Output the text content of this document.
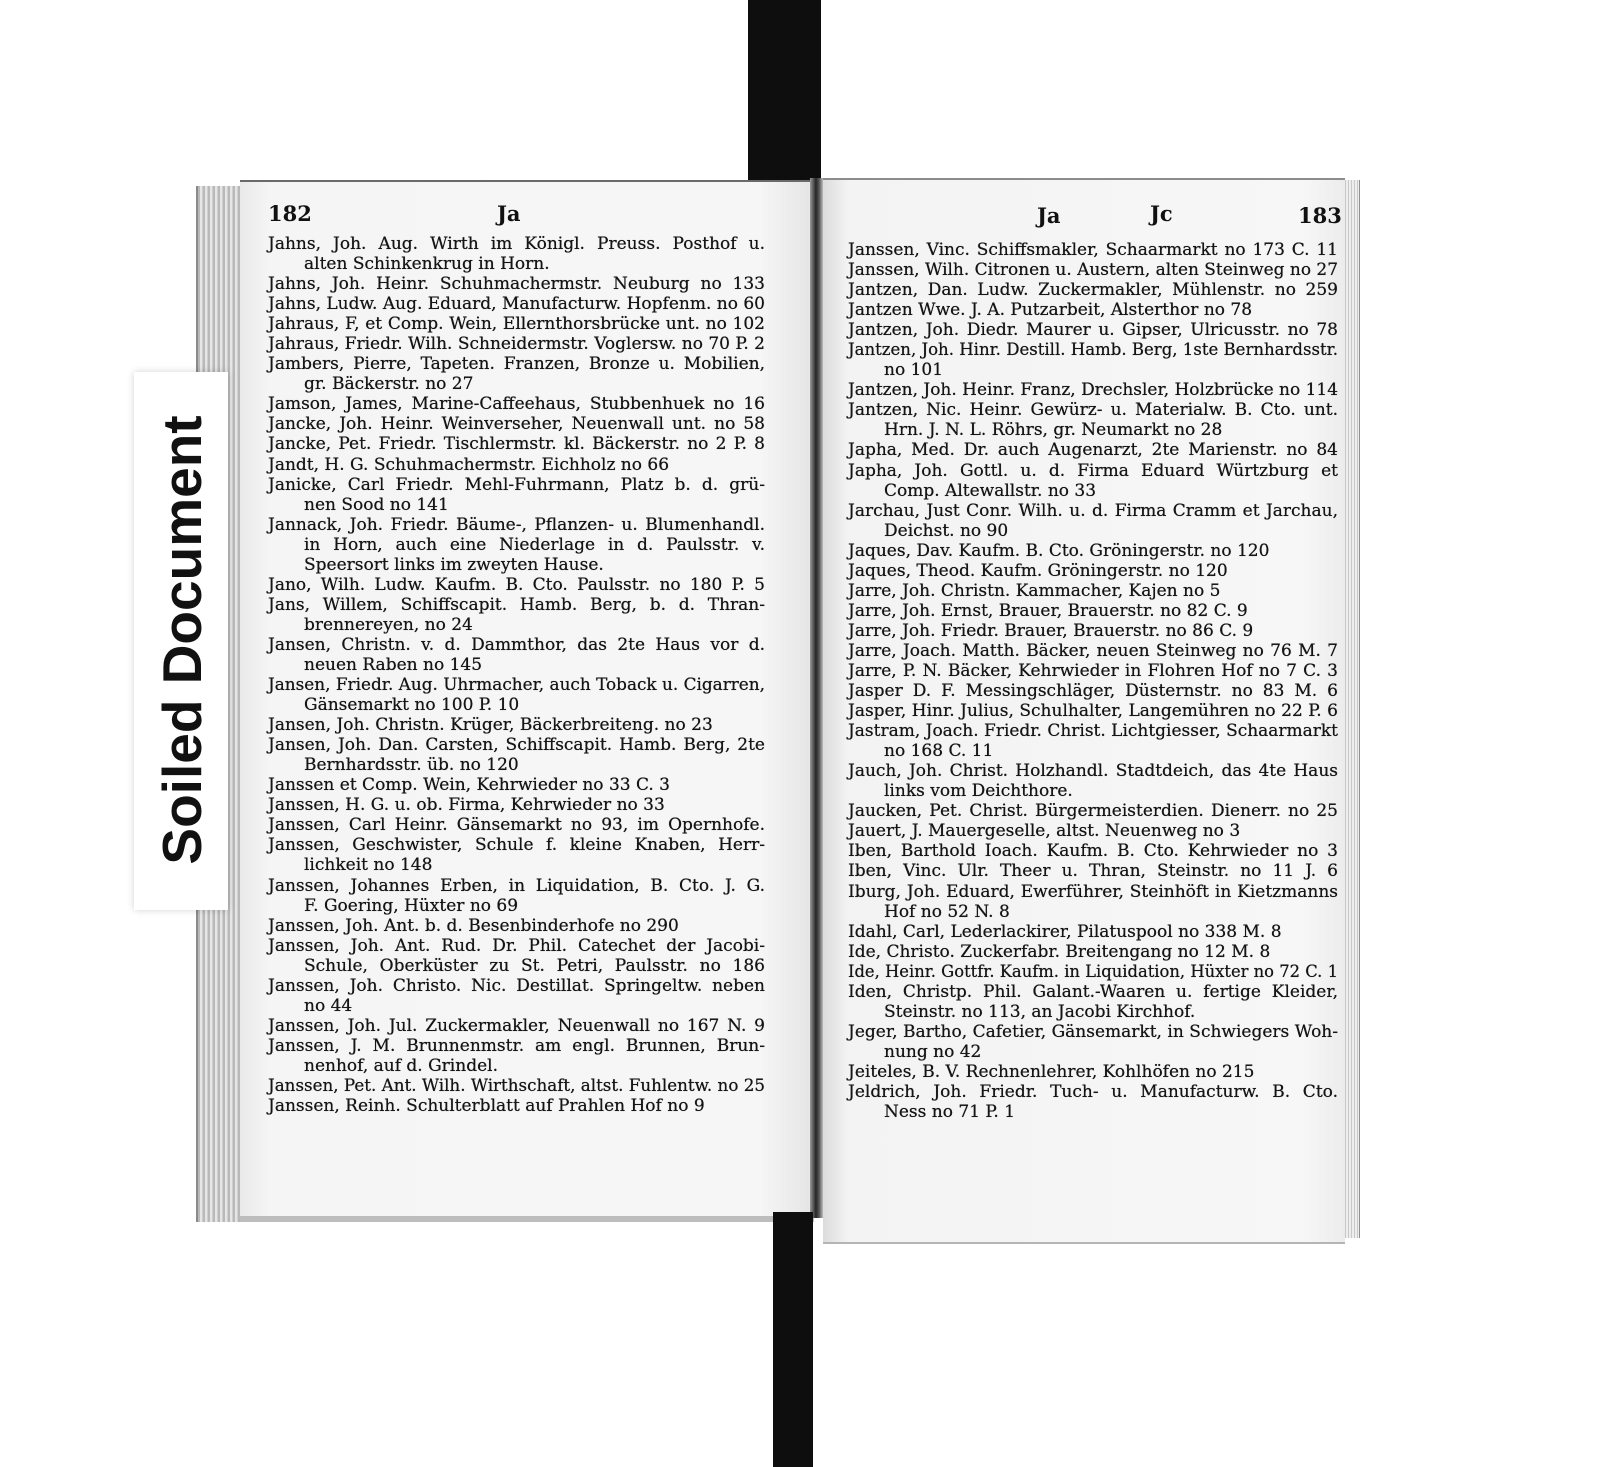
182	Ja	Ja	Jc	183
Jahns, Joh. Aug. Wirth im Königl. Preuss. Posthof u.
alten Schinkenkrug in Horn.
Jahns, Joh. Heinr. Schuhmachermstr. Neuburg no 133
Jahns, Ludw. Aug. Eduard, Manufacturw. Hopfenm. no 60
Jahraus, F, et Comp. Wein, Ellernthorsbrücke unt. no 102
Jahraus, Friedr. Wilh. Schneidermstr. Voglersw. no 70 P. 2
Jambers, Pierre, Tapeten. Franzen, Bronze u. Mobilien,
gr. Bäckerstr. no 27
Jamson, James, Marine-Caffeehaus, Stubbenhuek no 16
Jancke, Joh. Heinr. Weinverseher, Neuenwall unt. no 58
Jancke, Pet. Friedr. Tischlermstr. kl. Bäckerstr. no 2 P. 8
Jandt, H. G. Schuhmachermstr. Eichholz no 66
Janicke, Carl Friedr. Mehl-Fuhrmann, Platz b. d. grü-
nen Sood no 141
Jannack, Joh. Friedr. Bäume-, Pflanzen- u. Blumenhandl.
in Horn, auch eine Niederlage in d. Paulsstr. v.
Speersort links im zweyten Hause.
Jano, Wilh. Ludw. Kaufm. B. Cto. Paulsstr. no 180 P. 5
Jans, Willem, Schiffscapit. Hamb. Berg, b. d. Thran-
brennereyen, no 24
Jansen, Christn. v. d. Dammthor, das 2te Haus vor d.
neuen Raben no 145
Jansen, Friedr. Aug. Uhrmacher, auch Toback u. Cigarren,
Gänsemarkt no 100 P. 10
Jansen, Joh. Christn. Krüger, Bäckerbreiteng. no 23
Jansen, Joh. Dan. Carsten, Schiffscapit. Hamb. Berg, 2te
Bernhardsstr. üb. no 120
Janssen et Comp. Wein, Kehrwieder no 33 C. 3
Janssen, H. G. u. ob. Firma, Kehrwieder no 33
Janssen, Carl Heinr. Gänsemarkt no 93, im Opernhofe.
Janssen, Geschwister, Schule f. kleine Knaben, Herr-
lichkeit no 148
Janssen, Johannes Erben, in Liquidation, B. Cto. J. G.
F. Goering, Hüxter no 69
Janssen, Joh. Ant. b. d. Besenbinderhofe no 290
Janssen, Joh. Ant. Rud. Dr. Phil. Catechet der Jacobi-
Schule, Oberküster zu St. Petri, Paulsstr. no 186
Janssen, Joh. Christo. Nic. Destillat. Springeltw. neben
no 44
Janssen, Joh. Jul. Zuckermakler, Neuenwall no 167 N. 9
Janssen, J. M. Brunnenmstr. am engl. Brunnen, Brun-
nenhof, auf d. Grindel.
Janssen, Pet. Ant. Wilh. Wirthschaft, altst. Fuhlentw. no 25
Janssen, Reinh. Schulterblatt auf Prahlen Hof no 9
Janssen, Vinc. Schiffsmakler, Schaarmarkt no 173 C. 11
Janssen, Wilh. Citronen u. Austern, alten Steinweg no 27
Jantzen, Dan. Ludw. Zuckermakler, Mühlenstr. no 259
Jantzen Wwe. J. A. Putzarbeit, Alsterthor no 78
Jantzen, Joh. Diedr. Maurer u. Gipser, Ulricusstr. no 78
Jantzen, Joh. Hinr. Destill. Hamb. Berg, 1ste Bernhardsstr.
no 101
Jantzen, Joh. Heinr. Franz, Drechsler, Holzbrücke no 114
Jantzen, Nic. Heinr. Gewürz- u. Materialw. B. Cto. unt.
Hrn. J. N. L. Röhrs, gr. Neumarkt no 28
Japha, Med. Dr. auch Augenarzt, 2te Marienstr. no 84
Japha, Joh. Gottl. u. d. Firma Eduard Würtzburg et
Comp. Altewallstr. no 33
Jarchau, Just Conr. Wilh. u. d. Firma Cramm et Jarchau,
Deichst. no 90
Jaques, Dav. Kaufm. B. Cto. Gröningerstr. no 120
Jaques, Theod. Kaufm. Gröningerstr. no 120
Jarre, Joh. Christn. Kammacher, Kajen no 5
Jarre, Joh. Ernst, Brauer, Brauerstr. no 82 C. 9
Jarre, Joh. Friedr. Brauer, Brauerstr. no 86 C. 9
Jarre, Joach. Matth. Bäcker, neuen Steinweg no 76 M. 7
Jarre, P. N. Bäcker, Kehrwieder in Flohren Hof no 7 C. 3
Jasper D. F. Messingschläger, Düsternstr. no 83 M. 6
Jasper, Hinr. Julius, Schulhalter, Langemühren no 22 P. 6
Jastram, Joach. Friedr. Christ. Lichtgiesser, Schaarmarkt
no 168 C. 11
Jauch, Joh. Christ. Holzhandl. Stadtdeich, das 4te Haus
links vom Deichthore.
Jaucken, Pet. Christ. Bürgermeisterdien. Dienerr. no 25
Jauert, J. Mauergeselle, altst. Neuenweg no 3
Iben, Barthold Ioach. Kaufm. B. Cto. Kehrwieder no 3
Iben, Vinc. Ulr. Theer u. Thran, Steinstr. no 11 J. 6
Iburg, Joh. Eduard, Ewerführer, Steinhöft in Kietzmanns
Hof no 52 N. 8
Idahl, Carl, Lederlackirer, Pilatuspool no 338 M. 8
Ide, Christo. Zuckerfabr. Breitengang no 12 M. 8
Ide, Heinr. Gottfr. Kaufm. in Liquidation, Hüxter no 72 C. 1
Iden, Christp. Phil. Galant.-Waaren u. fertige Kleider,
Steinstr. no 113, an Jacobi Kirchhof.
Jeger, Bartho, Cafetier, Gänsemarkt, in Schwiegers Woh-
nung no 42
Jeiteles, B. V. Rechnenlehrer, Kohlhöfen no 215
Jeldrich, Joh. Friedr. Tuch- u. Manufacturw. B. Cto.
Ness no 71 P. 1
Soiled Document
